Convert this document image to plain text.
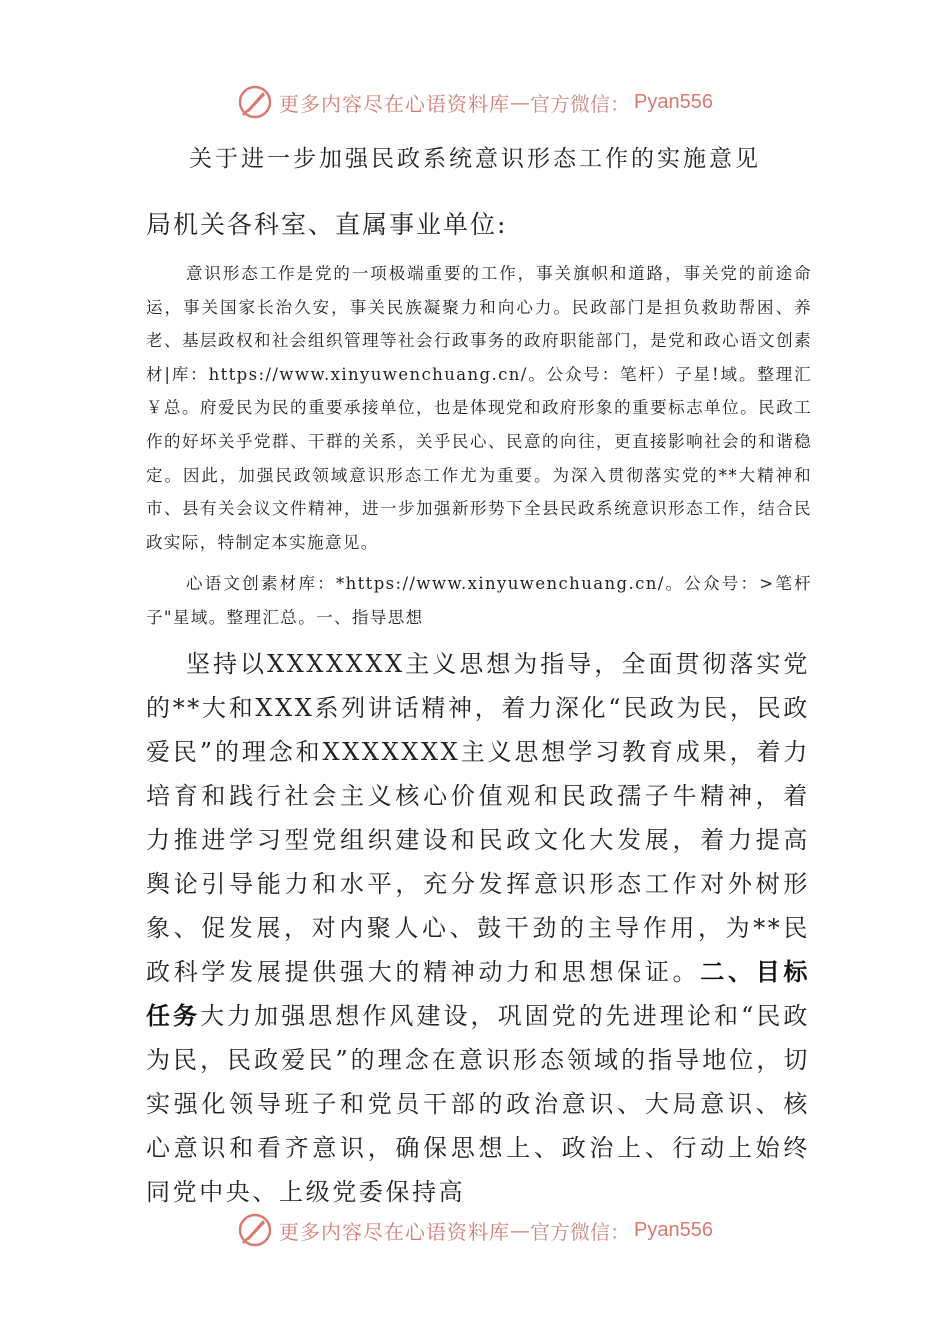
更多内容尽在心语资料库 — 官方微信： Pyan556
关于进一步加强民政系统意识形态工作的实施意见
局机关各科室、直属事业单位:

意识形态工作是党的一项极端重要的工作，事关旗帜和道路，事关党的前途命运，事关国家长治久安，事关民族凝聚力和向心力。民政部门是担负救助帮困、养老、基层政权和社会组织管理等社会行政事务的政府职能部门，是党和政心语文创素材|库：https://www.xinyuwenchuang.cn/。公众号：笔杆）子星!域。整理汇￥总。府爱民为民的重要承接单位，也是体现党和政府形象的重要标志单位。民政工作的好坏关乎党群、干群的关系，关乎民心、民意的向往，更直接影响社会的和谐稳定。因此，加强民政领域意识形态工作尤为重要。为深入贯彻落实党的**大精神和市、县有关会议文件精神，进一步加强新形势下全县民政系统意识形态工作，结合民政实际，特制定本实施意见。

心语文创素材库：*https://www.xinyuwenchuang.cn/。公众号：>笔杆子"星域。整理汇总。一、指导思想

坚持以XXXXXXX主义思想为指导，全面贯彻落实党的**大和XXX系列讲话精神，着力深化“民政为民，民政爱民”的理念和XXXXXXX主义思想学习教育成果，着力培育和践行社会主义核心价值观和民政孺子牛精神，着力推进学习型党组织建设和民政文化大发展，着力提高舆论引导能力和水平，充分发挥意识形态工作对外树形象、促发展，对内聚人心、鼓干劲的主导作用，为**民政科学发展提供强大的精神动力和思想保证。二、目标任务大力加强思想作风建设，巩固党的先进理论和“民政为民，民政爱民”的理念在意识形态领域的指导地位，切实强化领导班子和党员干部的政治意识、大局意识、核心意识和看齐意识，确保思想上、政治上、行动上始终同党中央、上级党委保持高

更多内容尽在心语资料库 — 官方微信： Pyan556
